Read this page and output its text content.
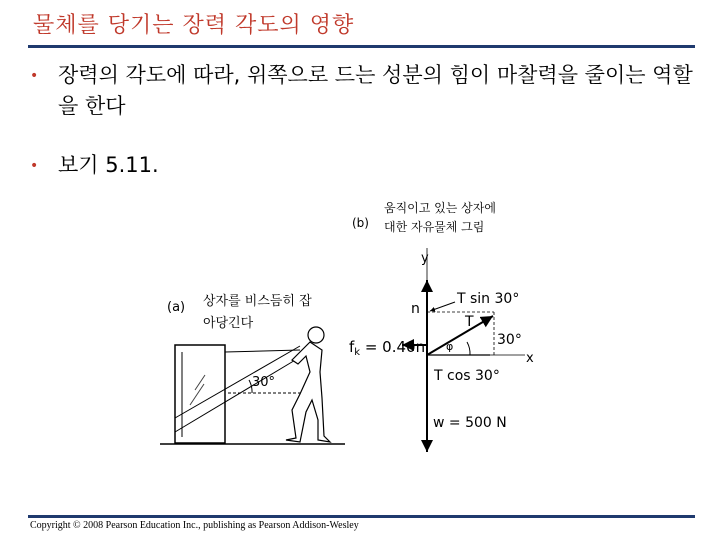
물체를 당기는 장력 각도의 영향
• 장력의 각도에 따라, 위쪽으로 드는 성분의 힘이 마찰력을 줄이는 역할을 한다
• 보기 5.11.
(a) 상자를 비스듬히 잡
아당긴다
30°
(b)
움직이고 있는 상자에
대한 자유물체 그림
y
x
n
T sin 30°
T
φ	30°
T cos 30°
$f_k = 0.40n$
w = 500 N
Copyright © 2008 Pearson Education Inc., publishing as Pearson Addison-Wesley
